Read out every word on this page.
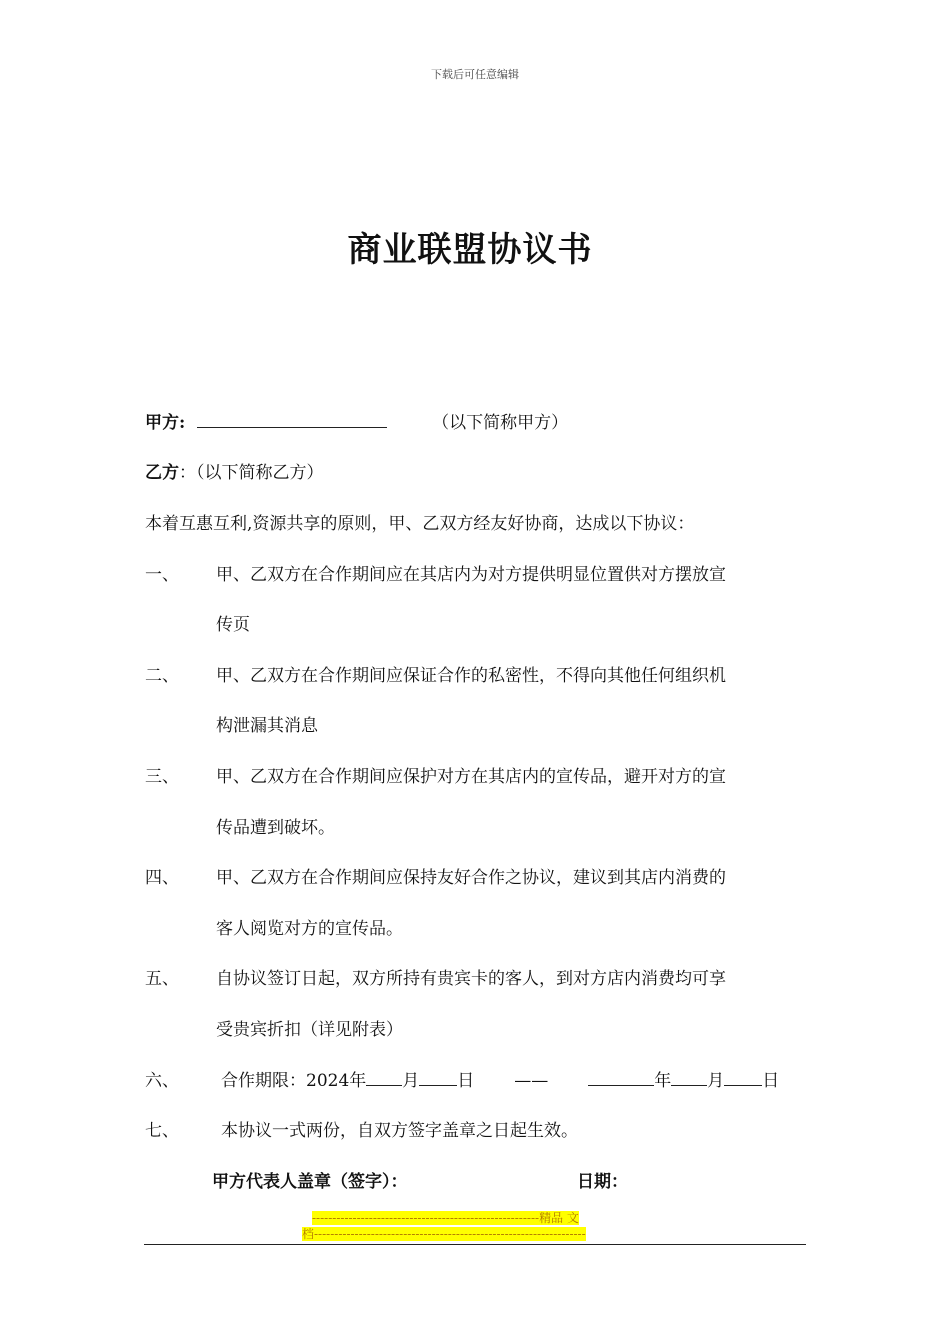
下载后可任意编辑
商业联盟协议书
甲方:	（以下简称甲方）
乙方：（以下简称乙方）
本着互惠互利,资源共享的原则，甲、乙双方经友好协商，达成以下协议：
一、 甲、乙双方在合作期间应在其店内为对方提供明显位置供对方摆放宣
传页
二、 甲、乙双方在合作期间应保证合作的私密性，不得向其他任何组织机
构泄漏其消息
三、 甲、乙双方在合作期间应保护对方在其店内的宣传品，避开对方的宣
传品遭到破坏。
四、 甲、乙双方在合作期间应保持友好合作之协议，建议到其店内消费的
客人阅览对方的宣传品。
五、 自协议签订日起，双方所持有贵宾卡的客人，到对方店内消费均可享
受贵宾折扣（详见附表）
六、 合作期限：2024年 月 日 ——	年 月 日
七、 本协议一式两份，自双方签字盖章之日起生效。
甲方代表人盖章（签字）：	日期：
--------------------------------------------------------精品 文
档-------------------------------------------------------------------
